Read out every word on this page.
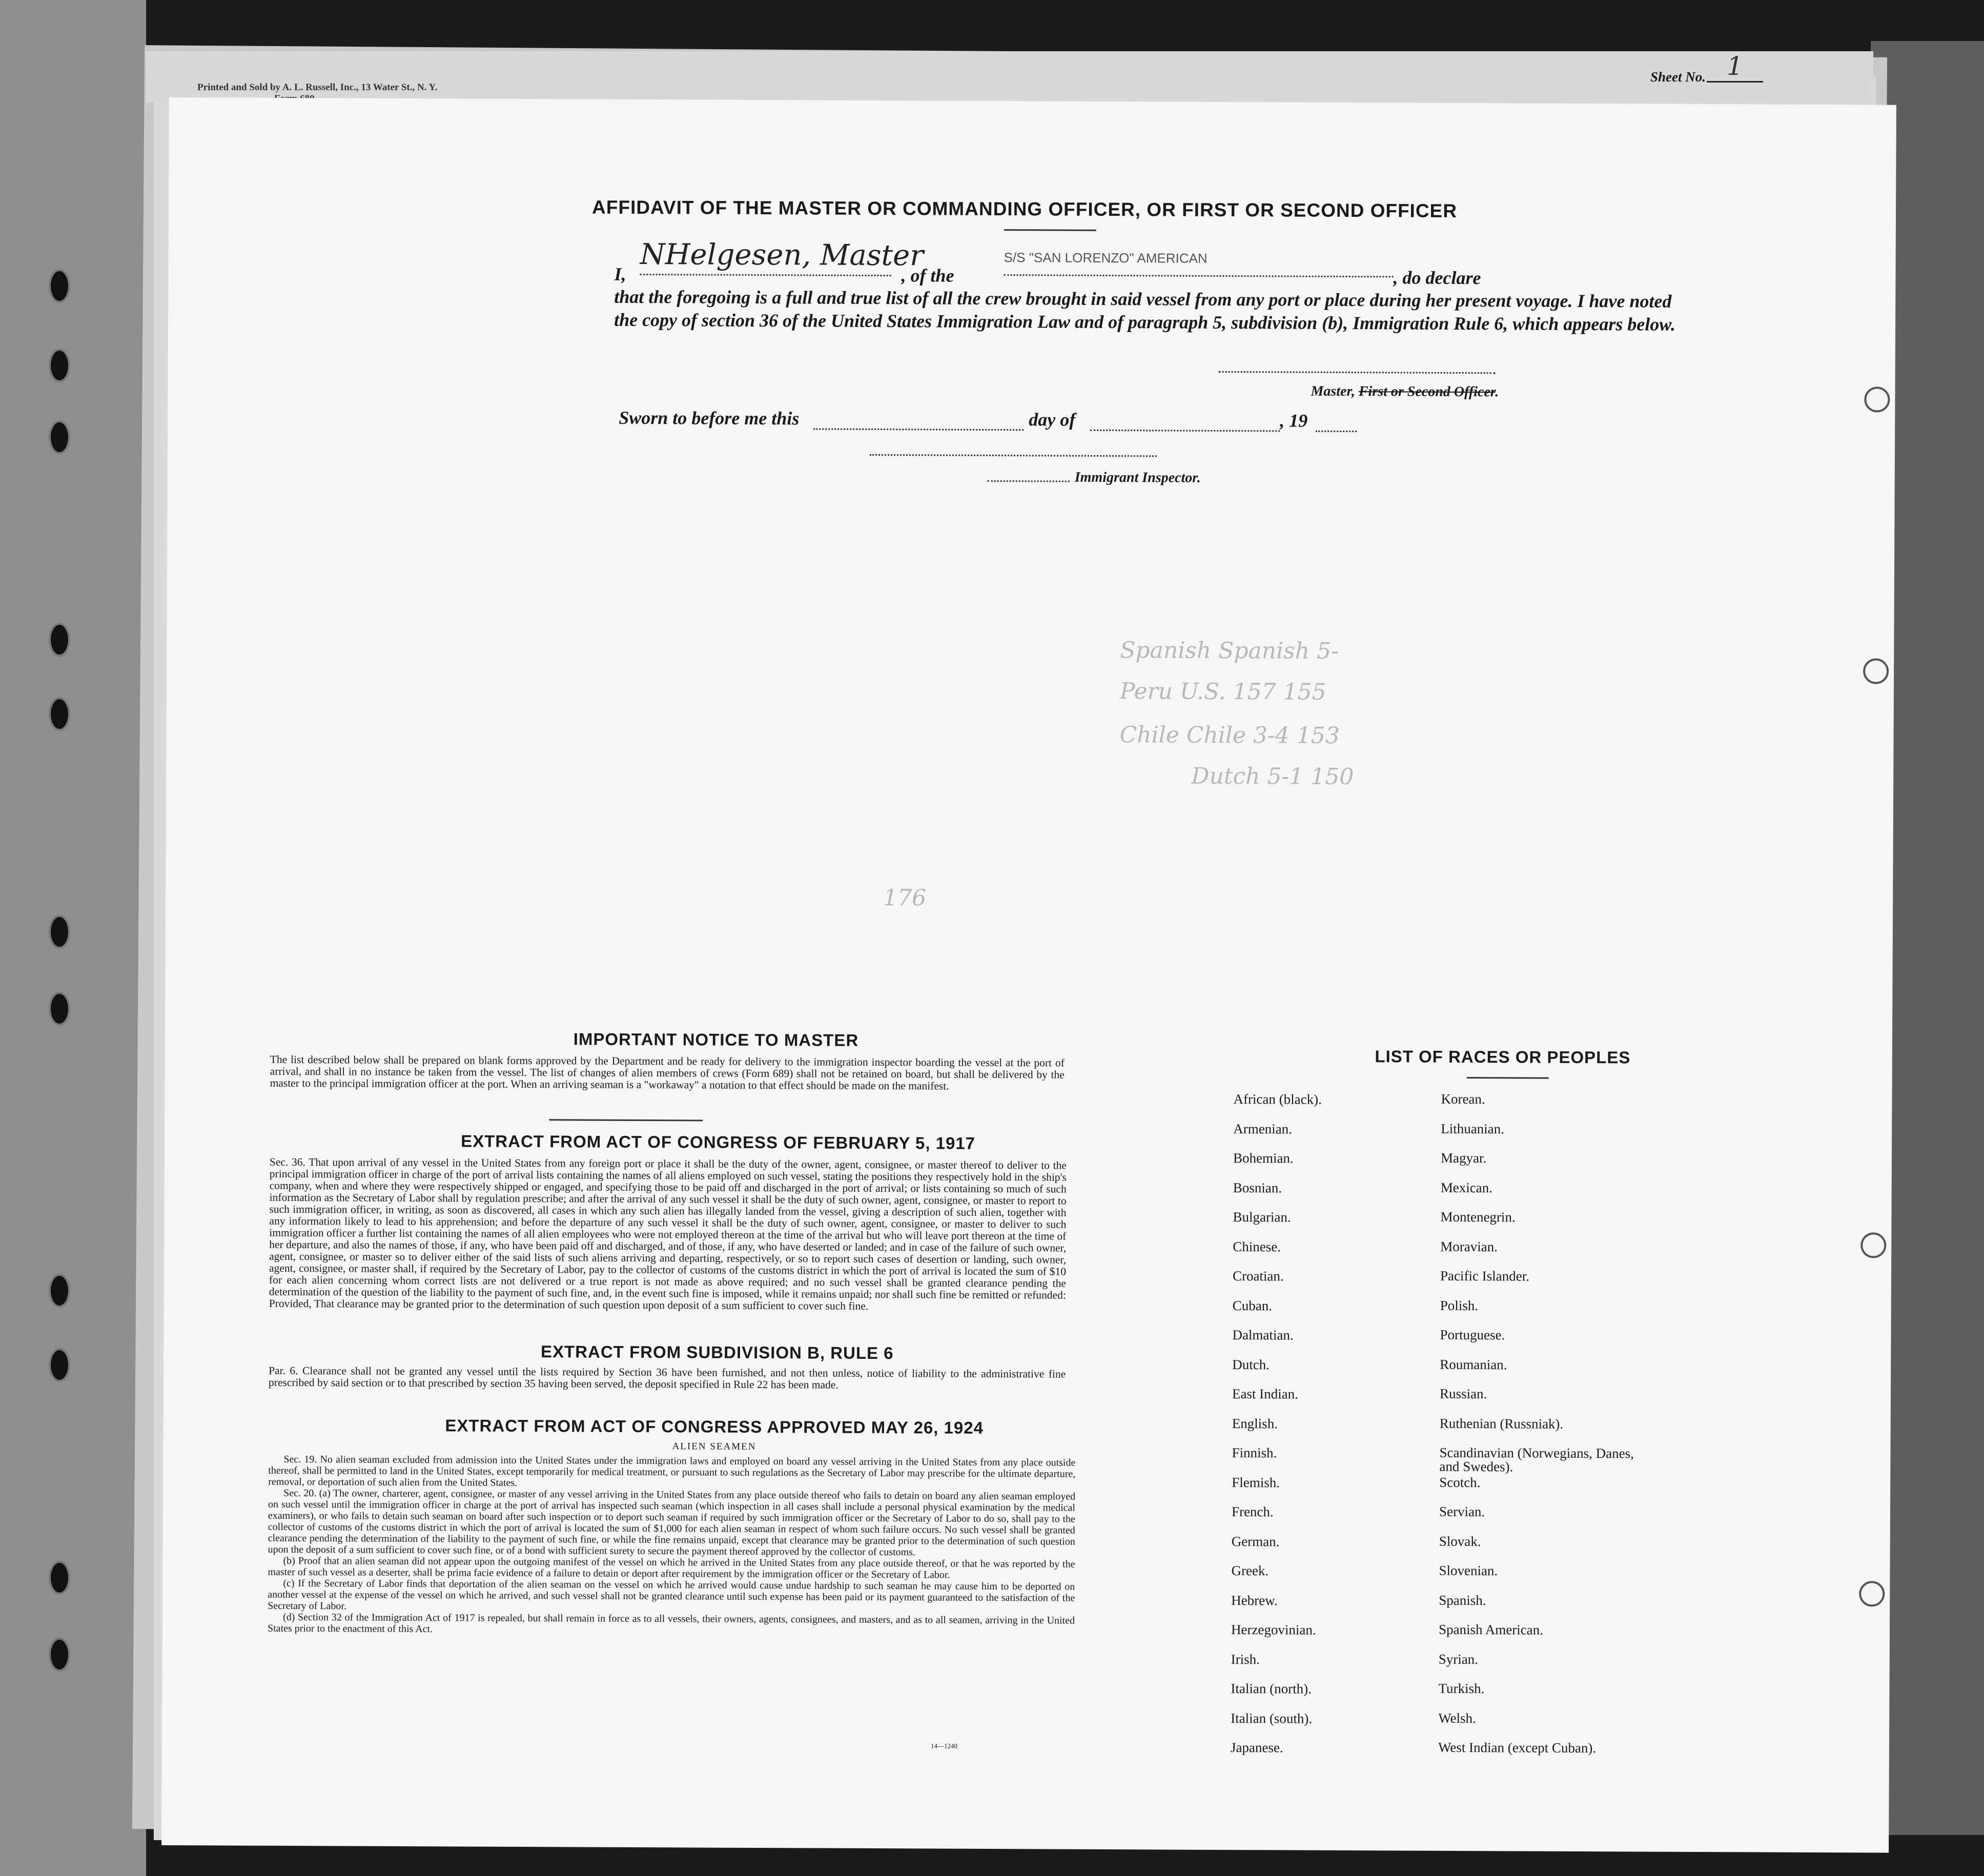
Printed and Sold by A. L. Russell, Inc., 13 Water St., N. Y.
Sheet No. 1
AFFIDAVIT OF THE MASTER OR COMMANDING OFFICER, OR FIRST OR SECOND OFFICER
I,
NHelgesen, Master
, of the
S/S "SAN LORENZO" AMERICAN
, do declare
that the foregoing is a full and true list of all the crew brought in said vessel from any port or place during her present voyage. I have noted the copy of section 36 of the United States Immigration Law and of paragraph 5, subdivision (b), Immigration Rule 6, which appears below.
Master, First or Second Officer.
Sworn to before me this	day of	, 19
Immigrant Inspector.
Spanish Spanish 5-
Peru U.S. 157 155
Chile Chile 3-4 153
Dutch 5-1 150
176
IMPORTANT NOTICE TO MASTER
The list described below shall be prepared on blank forms approved by the Department and be ready for delivery to the immigration inspector boarding the vessel at the port of arrival, and shall in no instance be taken from the vessel. The list of changes of alien members of crews (Form 689) shall not be retained on board, but shall be delivered by the master to the principal immigration officer at the port. When an arriving seaman is a "workaway" a notation to that effect should be made on the manifest.
EXTRACT FROM ACT OF CONGRESS OF FEBRUARY 5, 1917
Sec. 36. That upon arrival of any vessel in the United States from any foreign port or place it shall be the duty of the owner, agent, consignee, or master thereof to deliver to the principal immigration officer in charge of the port of arrival lists containing the names of all aliens employed on such vessel, stating the positions they respectively hold in the ship's company, when and where they were respectively shipped or engaged, and specifying those to be paid off and discharged in the port of arrival; or lists containing so much of such information as the Secretary of Labor shall by regulation prescribe; and after the arrival of any such vessel it shall be the duty of such owner, agent, consignee, or master to report to such immigration officer, in writing, as soon as discovered, all cases in which any such alien has illegally landed from the vessel, giving a description of such alien, together with any information likely to lead to his apprehension; and before the departure of any such vessel it shall be the duty of such owner, agent, consignee, or master to deliver to such immigration officer a further list containing the names of all alien employees who were not employed thereon at the time of the arrival but who will leave port thereon at the time of her departure, and also the names of those, if any, who have been paid off and discharged, and of those, if any, who have deserted or landed; and in case of the failure of such owner, agent, consignee, or master so to deliver either of the said lists of such aliens arriving and departing, respectively, or so to report such cases of desertion or landing, such owner, agent, consignee, or master shall, if required by the Secretary of Labor, pay to the collector of customs of the customs district in which the port of arrival is located the sum of $10 for each alien concerning whom correct lists are not delivered or a true report is not made as above required; and no such vessel shall be granted clearance pending the determination of the question of the liability to the payment of such fine, and, in the event such fine is imposed, while it remains unpaid; nor shall such fine be remitted or refunded: Provided, That clearance may be granted prior to the determination of such question upon deposit of a sum sufficient to cover such fine.
EXTRACT FROM SUBDIVISION B, RULE 6
Par. 6. Clearance shall not be granted any vessel until the lists required by Section 36 have been furnished, and not then unless, notice of liability to the administrative fine prescribed by said section or to that prescribed by section 35 having been served, the deposit specified in Rule 22 has been made.
EXTRACT FROM ACT OF CONGRESS APPROVED MAY 26, 1924
ALIEN SEAMEN
Sec. 19. No alien seaman excluded from admission into the United States under the immigration laws and employed on board any vessel arriving in the United States from any place outside thereof, shall be permitted to land in the United States, except temporarily for medical treatment, or pursuant to such regulations as the Secretary of Labor may prescribe for the ultimate departure, removal, or deportation of such alien from the United States.
Sec. 20. (a) The owner, charterer, agent, consignee, or master of any vessel arriving in the United States from any place outside thereof who fails to detain on board any alien seaman employed on such vessel until the immigration officer in charge at the port of arrival has inspected such seaman (which inspection in all cases shall include a personal physical examination by the medical examiners), or who fails to detain such seaman on board after such inspection or to deport such seaman if required by such immigration officer or the Secretary of Labor to do so, shall pay to the collector of customs of the customs district in which the port of arrival is located the sum of $1,000 for each alien seaman in respect of whom such failure occurs. No such vessel shall be granted clearance pending the determination of the liability to the payment of such fine, or while the fine remains unpaid, except that clearance may be granted prior to the determination of such question upon the deposit of a sum sufficient to cover such fine, or of a bond with sufficient surety to secure the payment thereof approved by the collector of customs.
(b) Proof that an alien seaman did not appear upon the outgoing manifest of the vessel on which he arrived in the United States from any place outside thereof, or that he was reported by the master of such vessel as a deserter, shall be prima facie evidence of a failure to detain or deport after requirement by the immigration officer or the Secretary of Labor.
(c) If the Secretary of Labor finds that deportation of the alien seaman on the vessel on which he arrived would cause undue hardship to such seaman he may cause him to be deported on another vessel at the expense of the vessel on which he arrived, and such vessel shall not be granted clearance until such expense has been paid or its payment guaranteed to the satisfaction of the Secretary of Labor.
(d) Section 32 of the Immigration Act of 1917 is repealed, but shall remain in force as to all vessels, their owners, agents, consignees, and masters, and as to all seamen, arriving in the United States prior to the enactment of this Act.
14—1240
LIST OF RACES OR PEOPLES
African (black).
Armenian.
Bohemian.
Bosnian.
Bulgarian.
Chinese.
Croatian.
Cuban.
Dalmatian.
Dutch.
East Indian.
English.
Finnish.
Flemish.
French.
German.
Greek.
Hebrew.
Herzegovinian.
Irish.
Italian (north).
Italian (south).
Japanese.
Korean.
Lithuanian.
Magyar.
Mexican.
Montenegrin.
Moravian.
Pacific Islander.
Polish.
Portuguese.
Roumanian.
Russian.
Ruthenian (Russniak).
Scandinavian (Norwegians, Danes, and Swedes).
Scotch.
Servian.
Slovak.
Slovenian.
Spanish.
Spanish American.
Syrian.
Turkish.
Welsh.
West Indian (except Cuban).
